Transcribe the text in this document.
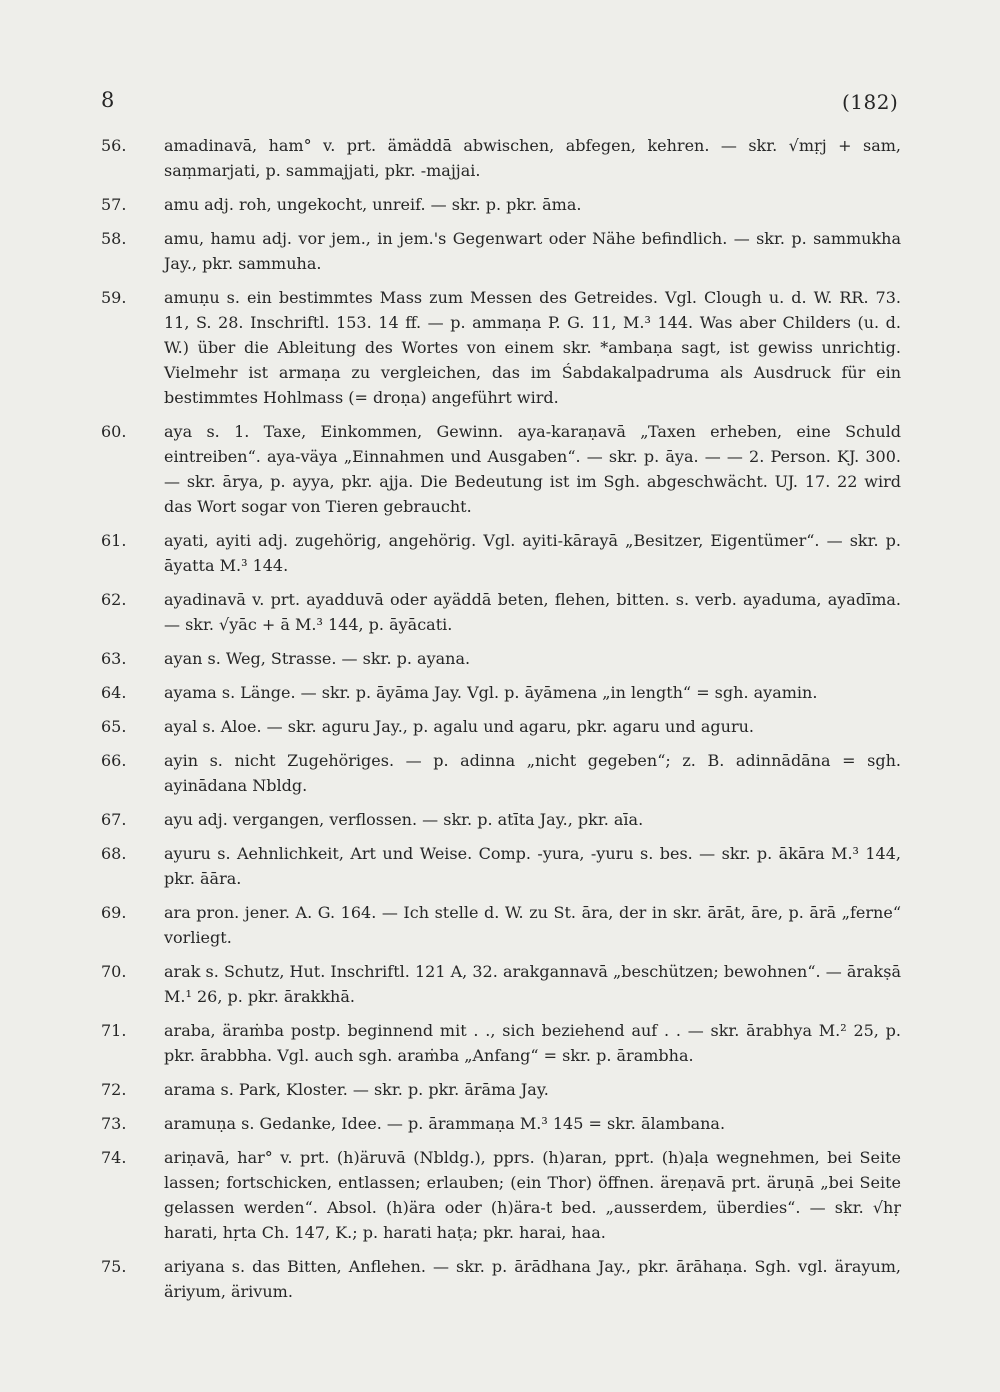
8	(182)
56.	amadinavā, ham° v. prt. ämäddā abwischen, abfegen, kehren. — skr. √mṛj + sam, saṃmarjati, p. sammajjati, pkr. -majjai.
57.	amu adj. roh, ungekocht, unreif. — skr. p. pkr. āma.
58.	amu, hamu adj. vor jem., in jem.'s Gegenwart oder Nähe befindlich. — skr. p. sammukha Jay., pkr. sammuha.
59.	amuṇu s. ein bestimmtes Mass zum Messen des Getreides. Vgl. Clough u. d. W. RR. 73. 11, S. 28. Inschriftl. 153. 14 ff. — p. ammaṇa P. G. 11, M.³ 144. Was aber Childers (u. d. W.) über die Ableitung des Wortes von einem skr. *ambaṇa sagt, ist gewiss unrichtig. Vielmehr ist armaṇa zu vergleichen, das im Śabdakalpadruma als Ausdruck für ein bestimmtes Hohlmass (= droṇa) angeführt wird.
60.	aya s. 1. Taxe, Einkommen, Gewinn. aya-karaṇavā „Taxen erheben, eine Schuld eintreiben“. aya-väya „Einnahmen und Ausgaben“. — skr. p. āya. — — 2. Person. KJ. 300. — skr. ārya, p. ayya, pkr. ajja. Die Bedeutung ist im Sgh. abgeschwächt. UJ. 17. 22 wird das Wort sogar von Tieren gebraucht.
61.	ayati, ayiti adj. zugehörig, angehörig. Vgl. ayiti-kārayā „Besitzer, Eigentümer“. — skr. p. āyatta M.³ 144.
62.	ayadinavā v. prt. ayadduvā oder ayäddā beten, flehen, bitten. s. verb. ayaduma, ayadīma. — skr. √yāc + ā M.³ 144, p. āyācati.
63.	ayan s. Weg, Strasse. — skr. p. ayana.
64.	ayama s. Länge. — skr. p. āyāma Jay. Vgl. p. āyāmena „in length“ = sgh. ayamin.
65.	ayal s. Aloe. — skr. aguru Jay., p. agalu und agaru, pkr. agaru und aguru.
66.	ayin s. nicht Zugehöriges. — p. adinna „nicht gegeben“; z. B. adinnādāna = sgh. ayinādana Nbldg.
67.	ayu adj. vergangen, verflossen. — skr. p. atīta Jay., pkr. aīa.
68.	ayuru s. Aehnlichkeit, Art und Weise. Comp. -yura, -yuru s. bes. — skr. p. ākāra M.³ 144, pkr. āāra.
69.	ara pron. jener. A. G. 164. — Ich stelle d. W. zu St. āra, der in skr. ārāt, āre, p. ārā „ferne“ vorliegt.
70.	arak s. Schutz, Hut. Inschriftl. 121 A, 32. arakgannavā „beschützen; bewohnen“. — ārakṣā M.¹ 26, p. pkr. ārakkhā.
71.	araba, äraṁba postp. beginnend mit . ., sich beziehend auf . . — skr. ārabhya M.² 25, p. pkr. ārabbha. Vgl. auch sgh. araṁba „Anfang“ = skr. p. ārambha.
72.	arama s. Park, Kloster. — skr. p. pkr. ārāma Jay.
73.	aramuṇa s. Gedanke, Idee. — p. ārammaṇa M.³ 145 = skr. ālambana.
74.	ariṇavā, har° v. prt. (h)äruvā (Nbldg.), pprs. (h)aran, pprt. (h)aḷa wegnehmen, bei Seite lassen; fortschicken, entlassen; erlauben; (ein Thor) öffnen. äreṇavā prt. äruṇā „bei Seite gelassen werden“. Absol. (h)ära oder (h)ära-t bed. „ausserdem, überdies“. — skr. √hṛ harati, hṛta Ch. 147, K.; p. harati haṭa; pkr. harai, haa.
75.	ariyana s. das Bitten, Anflehen. — skr. p. ārādhana Jay., pkr. ārāhaṇa. Sgh. vgl. ärayum, äriyum, ärivum.
